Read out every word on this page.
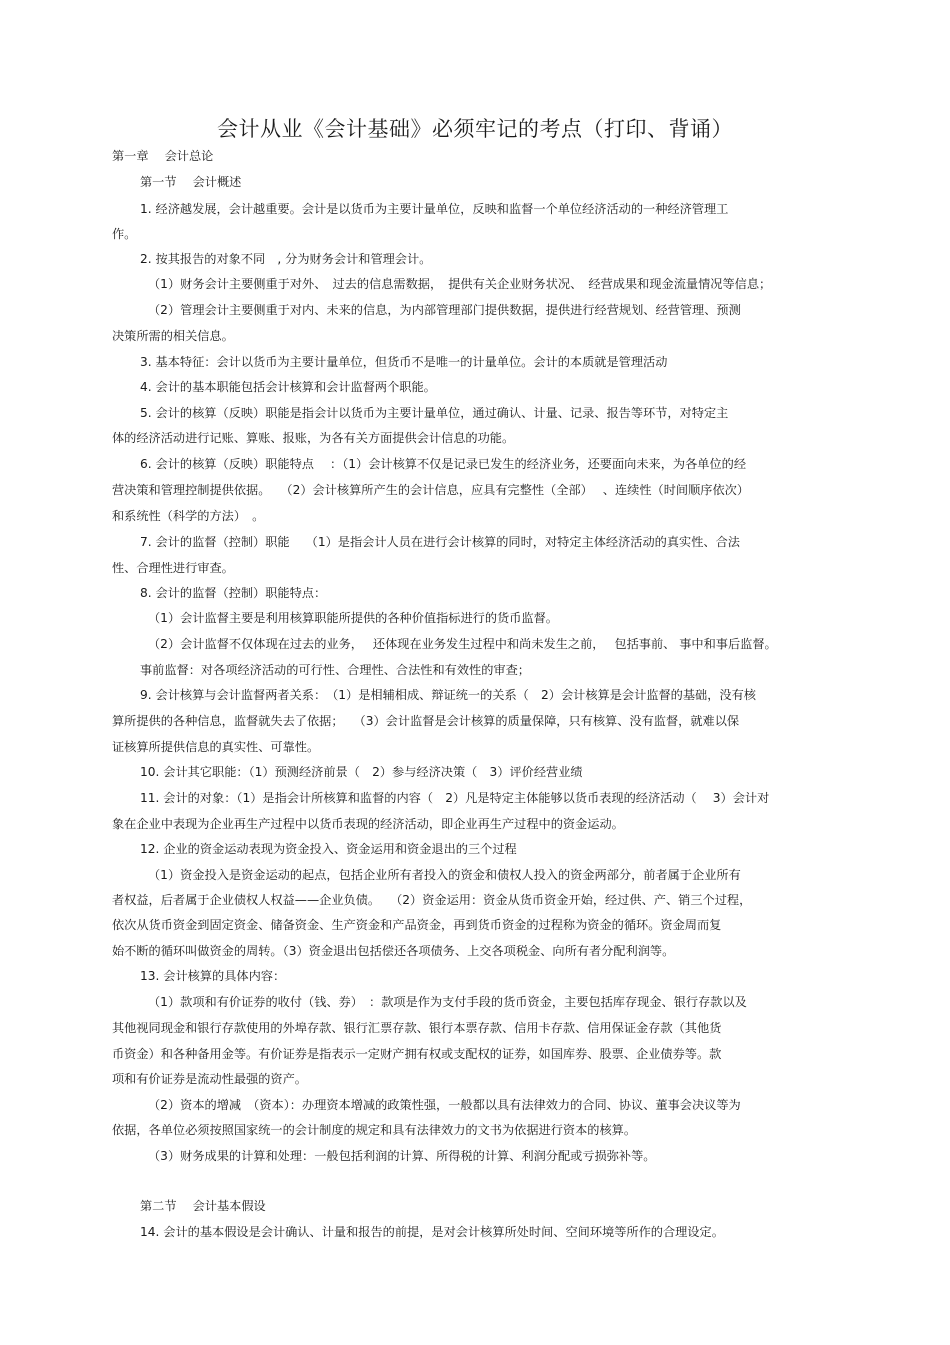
会计从业《会计基础》必须牢记的考点（打印、背诵）
第一章　 会计总论
第一节　 会计概述
1. 经济越发展，会计越重要。会计是以货币为主要计量单位，反映和监督一个单位经济活动的一种经济管理工
作。
2. 按其报告的对象不同　, 分为财务会计和管理会计。
（1）财务会计主要侧重于对外、　过去的信息需数据，　提供有关企业财务状况、　经营成果和现金流量情况等信息；
（2）管理会计主要侧重于对内、未来的信息，为内部管理部门提供数据，提供进行经营规划、经营管理、预测
决策所需的相关信息。
3. 基本特征：会计以货币为主要计量单位，但货币不是唯一的计量单位。会计的本质就是管理活动
4. 会计的基本职能包括会计核算和会计监督两个职能。
5. 会计的核算（反映）职能是指会计以货币为主要计量单位，通过确认、计量、记录、报告等环节，对特定主
体的经济活动进行记账、算账、报账，为各有关方面提供会计信息的功能。
6. 会计的核算（反映）职能特点　 ：（1）会计核算不仅是记录已发生的经济业务，还要面向未来，为各单位的经
营决策和管理控制提供依据。　 （2）会计核算所产生的会计信息，应具有完整性（全部）　 、连续性（时间顺序依次）
和系统性（科学的方法）　。
7. 会计的监督（控制）职能　 （1）是指会计人员在进行会计核算的同时，对特定主体经济活动的真实性、合法
性、合理性进行审查。
8. 会计的监督（控制）职能特点：
（1）会计监督主要是利用核算职能所提供的各种价值指标进行的货币监督。
（2）会计监督不仅体现在过去的业务，　 还体现在业务发生过程中和尚未发生之前，　 包括事前、 事中和事后监督。
事前监督：对各项经济活动的可行性、合理性、合法性和有效性的审查；
9. 会计核算与会计监督两者关系：　（1）是相辅相成、辩证统一的关系（　2）会计核算是会计监督的基础，没有核
算所提供的各种信息，监督就失去了依据；　 （3）会计监督是会计核算的质量保障，只有核算、没有监督，就难以保
证核算所提供信息的真实性、可靠性。
10. 会计其它职能：（1）预测经济前景（　2）参与经济决策（　3）评价经营业绩
11. 会计的对象：（1）是指会计所核算和监督的内容（　2）凡是特定主体能够以货币表现的经济活动（　 3）会计对
象在企业中表现为企业再生产过程中以货币表现的经济活动，即企业再生产过程中的资金运动。
12. 企业的资金运动表现为资金投入、资金运用和资金退出的三个过程
（1）资金投入是资金运动的起点，包括企业所有者投入的资金和债权人投入的资金两部分，前者属于企业所有
者权益，后者属于企业债权人权益——企业负债。　 （2）资金运用：资金从货币资金开始，经过供、产、销三个过程，
依次从货币资金到固定资金、储备资金、生产资金和产品资金，再到货币资金的过程称为资金的循环。资金周而复
始不断的循环叫做资金的周转。（3）资金退出包括偿还各项债务、上交各项税金、向所有者分配利润等。
13. 会计核算的具体内容：
（1）款项和有价证券的收付（钱、券）　：款项是作为支付手段的货币资金，主要包括库存现金、银行存款以及
其他视同现金和银行存款使用的外埠存款、银行汇票存款、银行本票存款、信用卡存款、信用保证金存款（其他货
币资金）和各种备用金等。有价证券是指表示一定财产拥有权或支配权的证券，如国库券、股票、企业债券等。款
项和有价证券是流动性最强的资产。
（2）资本的增减　（资本）：办理资本增减的政策性强，一般都以具有法律效力的合同、协议、董事会决议等为
依据，各单位必须按照国家统一的会计制度的规定和具有法律效力的文书为依据进行资本的核算。
（3）财务成果的计算和处理：一般包括利润的计算、所得税的计算、利润分配或亏损弥补等。
第二节　 会计基本假设
14. 会计的基本假设是会计确认、计量和报告的前提，是对会计核算所处时间、空间环境等所作的合理设定。
